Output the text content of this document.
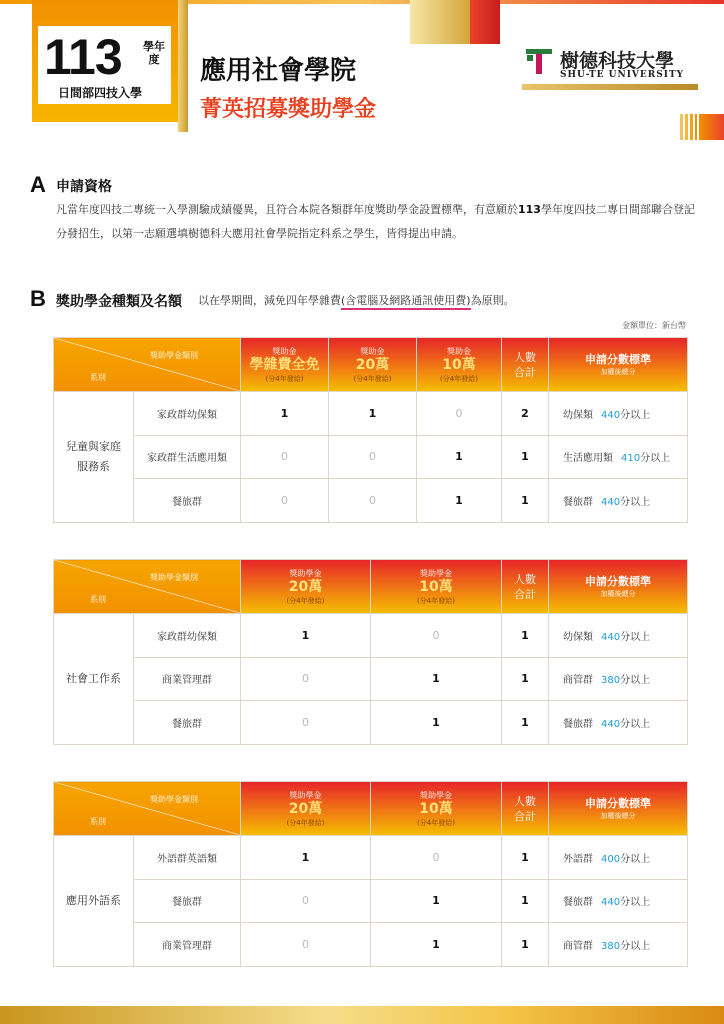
113 學年度
日間部四技入學
應用社會學院
菁英招募獎助學金
樹德科技大學
SHU-TE UNIVERSITY
A 申請資格
凡當年度四技二專統一入學測驗成績優異，且符合本院各類群年度獎助學金設置標準，有意願於113學年度四技二專日間部聯合登記分發招生，以第一志願選填樹德科大應用社會學院指定科系之學生，皆得提出申請。
B 獎助學金種類及名額 以在學期間，減免四年學雜費(含電腦及網路通訊使用費)為原則。
金額單位：新台幣
獎助學金類別
系別		獎助金
學雜費全免
(分4年發給)	獎助金
20萬
(分4年發給)	獎助金
10萬
(分4年發給)	人數
合計	申請分數標準
加權後總分

兒童與家庭
服務系	家政群幼保類	1	1	0	2	幼保類 440分以上
	家政群生活應用類	0	0	1	1	生活應用類 410分以上
	餐旅群	0	0	1	1	餐旅群 440分以上
獎助學金類別
系別		獎助學金
20萬
(分4年發給)	獎助學金
10萬
(分4年發給)	人數
合計	申請分數標準
加權後總分

社會工作系	家政群幼保類	1	0	1	幼保類 440分以上
	商業管理群	0	1	1	商管群 380分以上
	餐旅群	0	1	1	餐旅群 440分以上
獎助學金類別
系別		獎助學金
20萬
(分4年發給)	獎助學金
10萬
(分4年發給)	人數
合計	申請分數標準
加權後總分

應用外語系	外語群英語類	1	0	1	外語群 400分以上
	餐旅群	0	1	1	餐旅群 440分以上
	商業管理群	0	1	1	商管群 380分以上
